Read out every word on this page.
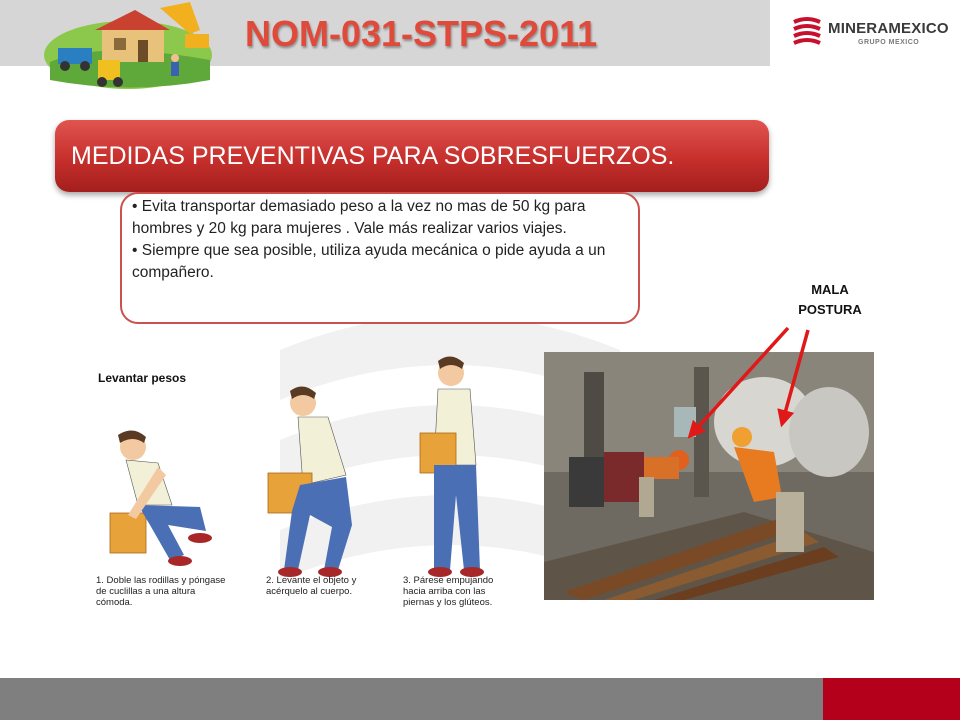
NOM-031-STPS-2011	MINERAMEXICO
GRUPO MEXICO
MEDIDAS PREVENTIVAS PARA SOBRESFUERZOS.

• Evita transportar demasiado peso a la vez no mas de 50 kg para hombres y 20 kg para mujeres . Vale más realizar varios viajes.

• Siempre que sea posible, utiliza ayuda mecánica o pide ayuda a un compañero.

Levantar pesos
1. Doble las rodillas y póngase
de cuclillas a una altura
cómoda.
2. Levante el objeto y
acérquelo al cuerpo.
3. Párese empujando
hacia arriba con las
piernas y los glúteos.
MALA
POSTURA
